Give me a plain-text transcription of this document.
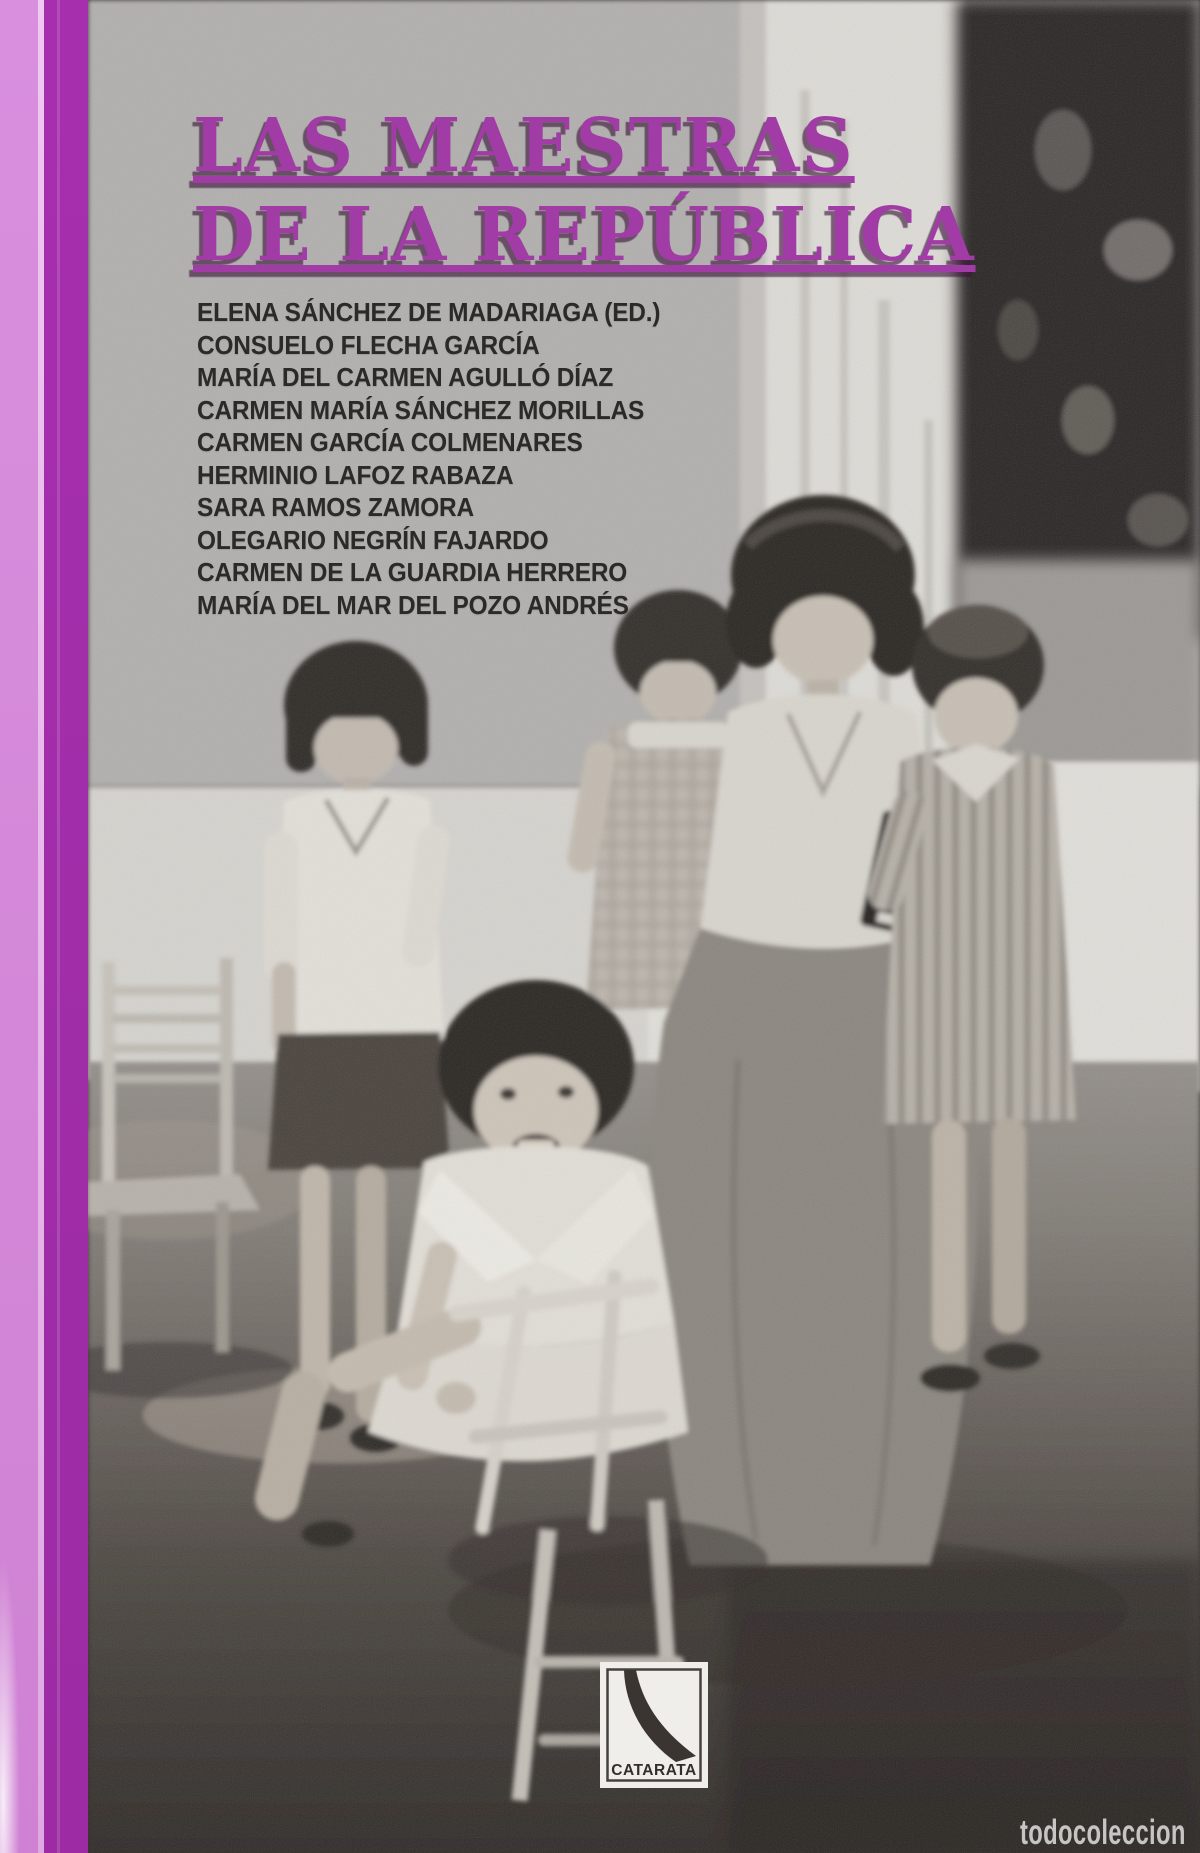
LAS MAESTRAS
DE LA REPÚBLICA
ELENA SÁNCHEZ DE MADARIAGA (ED.)
CONSUELO FLECHA GARCÍA
MARÍA DEL CARMEN AGULLÓ DÍAZ
CARMEN MARÍA SÁNCHEZ MORILLAS
CARMEN GARCÍA COLMENARES
HERMINIO LAFOZ RABAZA
SARA RAMOS ZAMORA
OLEGARIO NEGRÍN FAJARDO
CARMEN DE LA GUARDIA HERRERO
MARÍA DEL MAR DEL POZO ANDRÉS
CATARATA
todocoleccion
